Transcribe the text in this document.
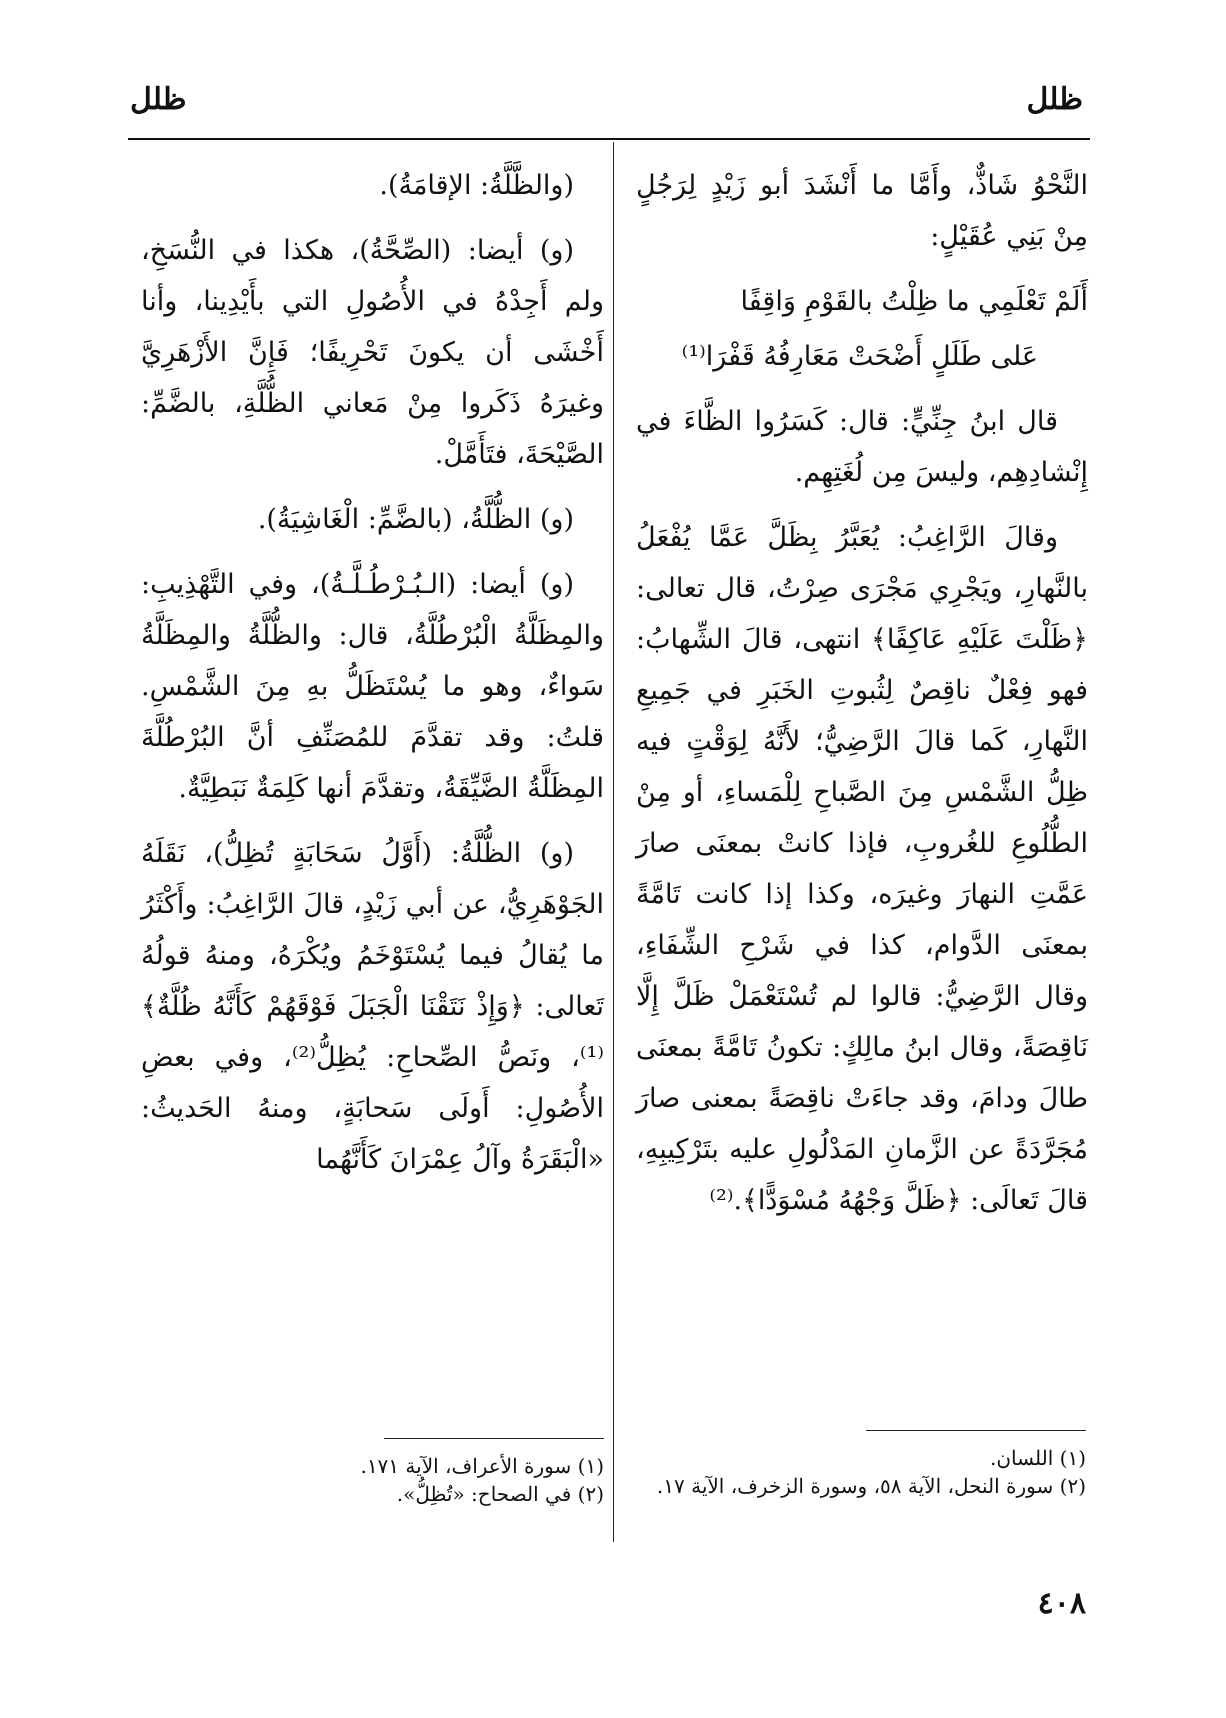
ظلل
ظلل

النَّحْوُ شَاذٌّ، وأَمَّا ما أَنْشَدَ أبو زَيْدٍ لِرَجُلٍ مِنْ بَنِي عُقَيْلٍ:

أَلَمْ تَعْلَمِي ما ظِلْتُ بالقَوْمِ وَاقِفًا

عَلى طَلَلٍ أَضْحَتْ مَعَارِفُهُ قَفْرَا⁽¹⁾

قال ابنُ جِنِّيٍّ: قال: كَسَرُوا الظَّاءَ في إِنْشادِهِم، وليسَ مِن لُغَتِهِم.

وقالَ الرَّاغِبُ: يُعَبَّرُ بِظَلَّ عَمَّا يُفْعَلُ بالنَّهارِ، ويَجْرِي مَجْرَى صِرْتُ، قال تعالى: ﴿ظَلْتَ عَلَيْهِ عَاكِفًا﴾ انتهى، قالَ الشِّهابُ: فهو فِعْلٌ ناقِصٌ لِثُبوتِ الخَبَرِ في جَمِيعِ النَّهارِ، كَما قالَ الرَّضِيُّ؛ لأَنَّهُ لِوَقْتٍ فيه ظِلُّ الشَّمْسِ مِنَ الصَّباحِ لِلْمَساءِ، أو مِنْ الطُّلُوعِ للغُروبِ، فإذا كانتْ بمعنَى صارَ عَمَّتِ النهارَ وغيرَه، وكذا إذا كانت تَامَّةً بمعنَى الدَّوام، كذا في شَرْحِ الشِّفَاءِ، وقال الرَّضِيُّ: قالوا لم تُسْتَعْمَلْ ظَلَّ إِلَّا نَاقِصَةً، وقال ابنُ مالِكٍ: تكونُ تَامَّةً بمعنَى طالَ ودامَ، وقد جاءَتْ ناقِصَةً بمعنى صارَ مُجَرَّدَةً عن الزَّمانِ المَدْلُولِ عليه بتَرْكِيبِهِ، قالَ تَعالَى: ﴿ظَلَّ وَجْهُهُ مُسْوَدًّا﴾.⁽²⁾

(والظَّلَّةُ: الإقامَةُ).

(و) أيضا: (الصِّحَّةُ)، هكذا في النُّسَخِ، ولم أَجِدْهُ في الأُصُولِ التي بأَيْدِينا، وأنا أَخْشَى أن يكونَ تَحْرِيفًا؛ فَإِنَّ الأَزْهَرِيَّ وغيرَهُ ذَكَروا مِنْ مَعاني الظُّلَّةِ، بالضَّمِّ: الصَّيْحَةَ، فتَأَمَّلْ.

(و) الظُّلَّةُ، (بالضَّمِّ: الْغَاشِيَةُ).

(و) أيضا: (الـبُـرْطُـلَّـةُ)، وفي التَّهْذِيبِ: والمِظَلَّةُ الْبُرْطُلَّةُ، قال: والظُّلَّةُ والمِظَلَّةُ سَواءٌ، وهو ما يُسْتَظَلُّ بهِ مِنَ الشَّمْسِ. قلتُ: وقد تقدَّمَ للمُصَنِّفِ أنَّ البُرْطُلَّةَ المِظَلَّةُ الضَّيِّقَةُ، وتقدَّمَ أنها كَلِمَةٌ نَبَطِيَّةٌ.

(و) الظُّلَّةُ: (أَوَّلُ سَحَابَةٍ تُظِلُّ)، نَقَلَهُ الجَوْهَرِيُّ، عن أبي زَيْدٍ، قالَ الرَّاغِبُ: وأَكْثَرُ ما يُقالُ فيما يُسْتَوْخَمُ ويُكْرَهُ، ومنهُ قولُهُ تَعالى: ﴿وَإِذْ نَتَقْنَا الْجَبَلَ فَوْقَهُمْ كَأَنَّهُ ظُلَّةٌ﴾⁽¹⁾، ونَصُّ الصِّحاحِ: يُظِلُّ⁽²⁾، وفي بعضِ الأُصُولِ: أَولَى سَحابَةٍ، ومنهُ الحَديثُ: «الْبَقَرَةُ وآلُ عِمْرَانَ كَأَنَّهُما

(١) اللسان.
(٢) سورة النحل، الآية ٥٨، وسورة الزخرف، الآية ١٧.
(١) سورة الأعراف، الآية ١٧١.
(٢) في الصحاح: «تُظِلُّ».
٤٠٨
